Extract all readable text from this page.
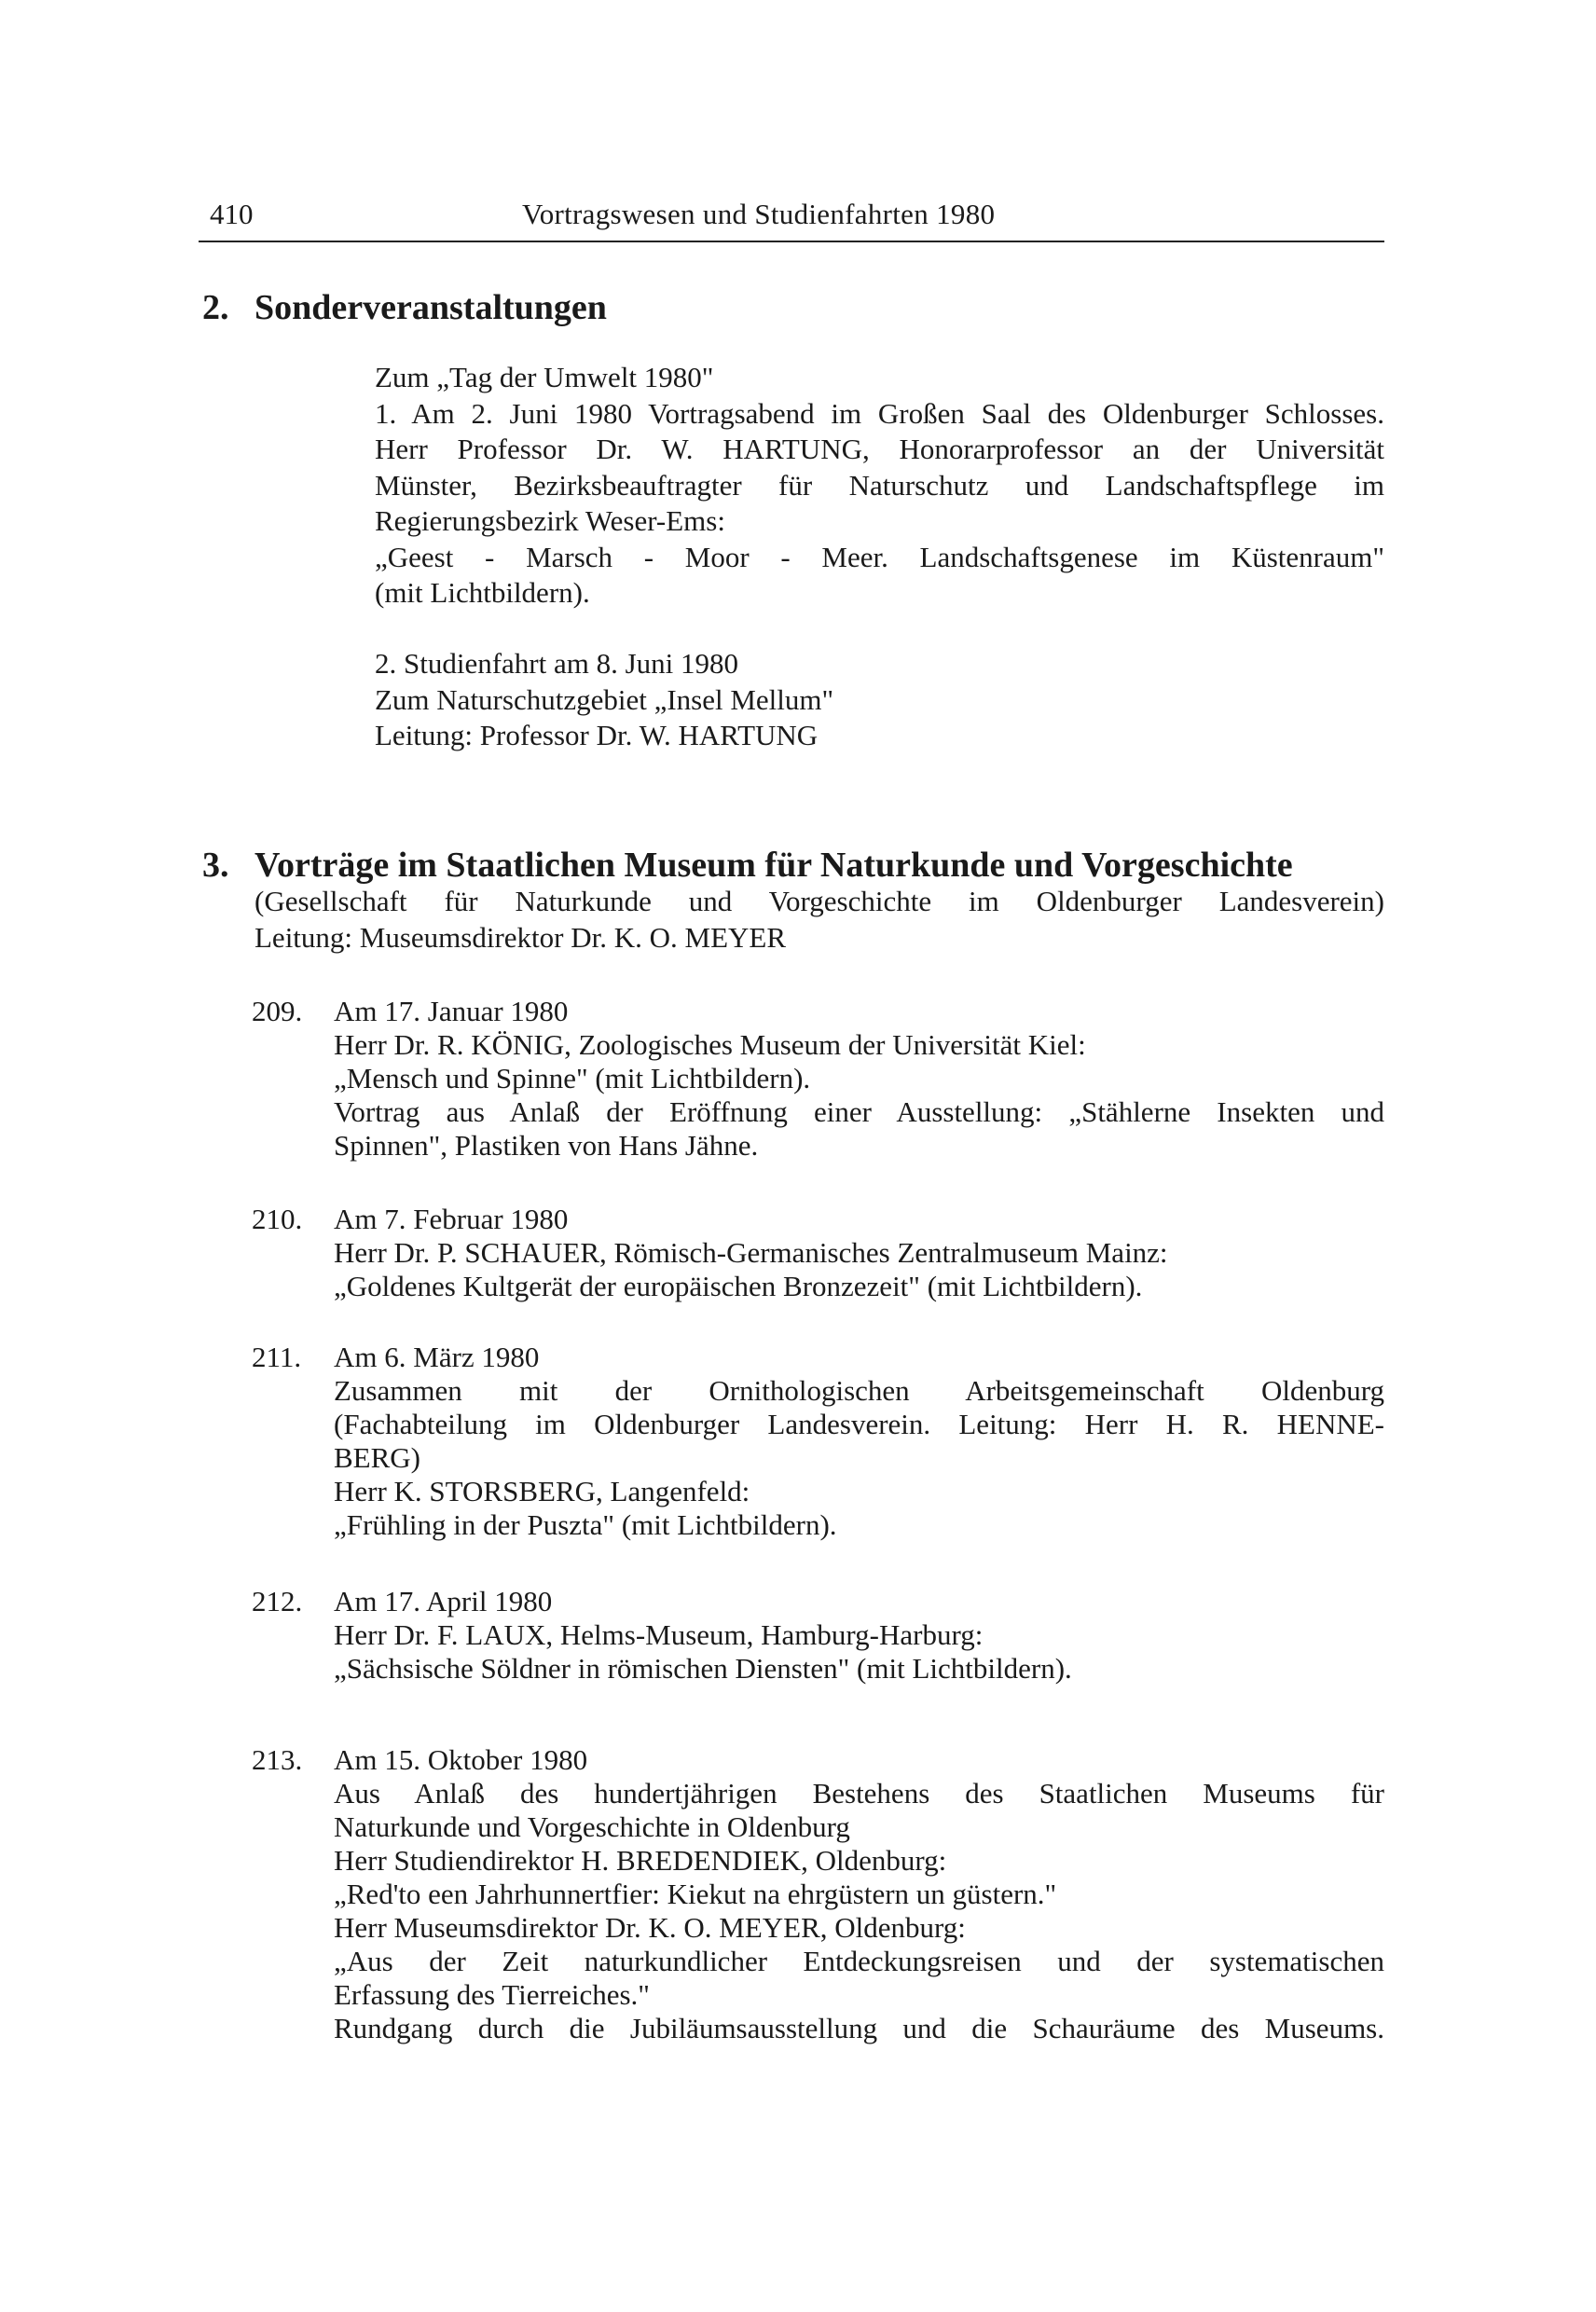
410	Vortragswesen und Studienfahrten 1980
2. Sonderveranstaltungen
Zum „Tag der Umwelt 1980"
1. Am 2. Juni 1980 Vortragsabend im Großen Saal des Oldenburger Schlosses.
Herr Professor Dr. W. HARTUNG, Honorarprofessor an der Universität
Münster, Bezirksbeauftragter für Naturschutz und Landschaftspflege im
Regierungsbezirk Weser-Ems:
„Geest - Marsch - Moor - Meer. Landschaftsgenese im Küstenraum"
(mit Lichtbildern).
2. Studienfahrt am 8. Juni 1980
Zum Naturschutzgebiet „Insel Mellum"
Leitung: Professor Dr. W. HARTUNG
3. Vorträge im Staatlichen Museum für Naturkunde und Vorgeschichte
(Gesellschaft für Naturkunde und Vorgeschichte im Oldenburger Landesverein)
Leitung: Museumsdirektor Dr. K. O. MEYER
209. Am 17. Januar 1980
Herr Dr. R. KÖNIG, Zoologisches Museum der Universität Kiel:
„Mensch und Spinne" (mit Lichtbildern).
Vortrag aus Anlaß der Eröffnung einer Ausstellung: „Stählerne Insekten und
Spinnen", Plastiken von Hans Jähne.
210. Am 7. Februar 1980
Herr Dr. P. SCHAUER, Römisch-Germanisches Zentralmuseum Mainz:
„Goldenes Kultgerät der europäischen Bronzezeit" (mit Lichtbildern).
211. Am 6. März 1980
Zusammen mit der Ornithologischen Arbeitsgemeinschaft Oldenburg
(Fachabteilung im Oldenburger Landesverein. Leitung: Herr H. R. HENNE-
BERG)
Herr K. STORSBERG, Langenfeld:
„Frühling in der Puszta" (mit Lichtbildern).
212. Am 17. April 1980
Herr Dr. F. LAUX, Helms-Museum, Hamburg-Harburg:
„Sächsische Söldner in römischen Diensten" (mit Lichtbildern).
213. Am 15. Oktober 1980
Aus Anlaß des hundertjährigen Bestehens des Staatlichen Museums für
Naturkunde und Vorgeschichte in Oldenburg
Herr Studiendirektor H. BREDENDIEK, Oldenburg:
„Red'to een Jahrhunnertfier: Kiekut na ehrgüstern un güstern."
Herr Museumsdirektor Dr. K. O. MEYER, Oldenburg:
„Aus der Zeit naturkundlicher Entdeckungsreisen und der systematischen
Erfassung des Tierreiches."
Rundgang durch die Jubiläumsausstellung und die Schauräume des Museums.
